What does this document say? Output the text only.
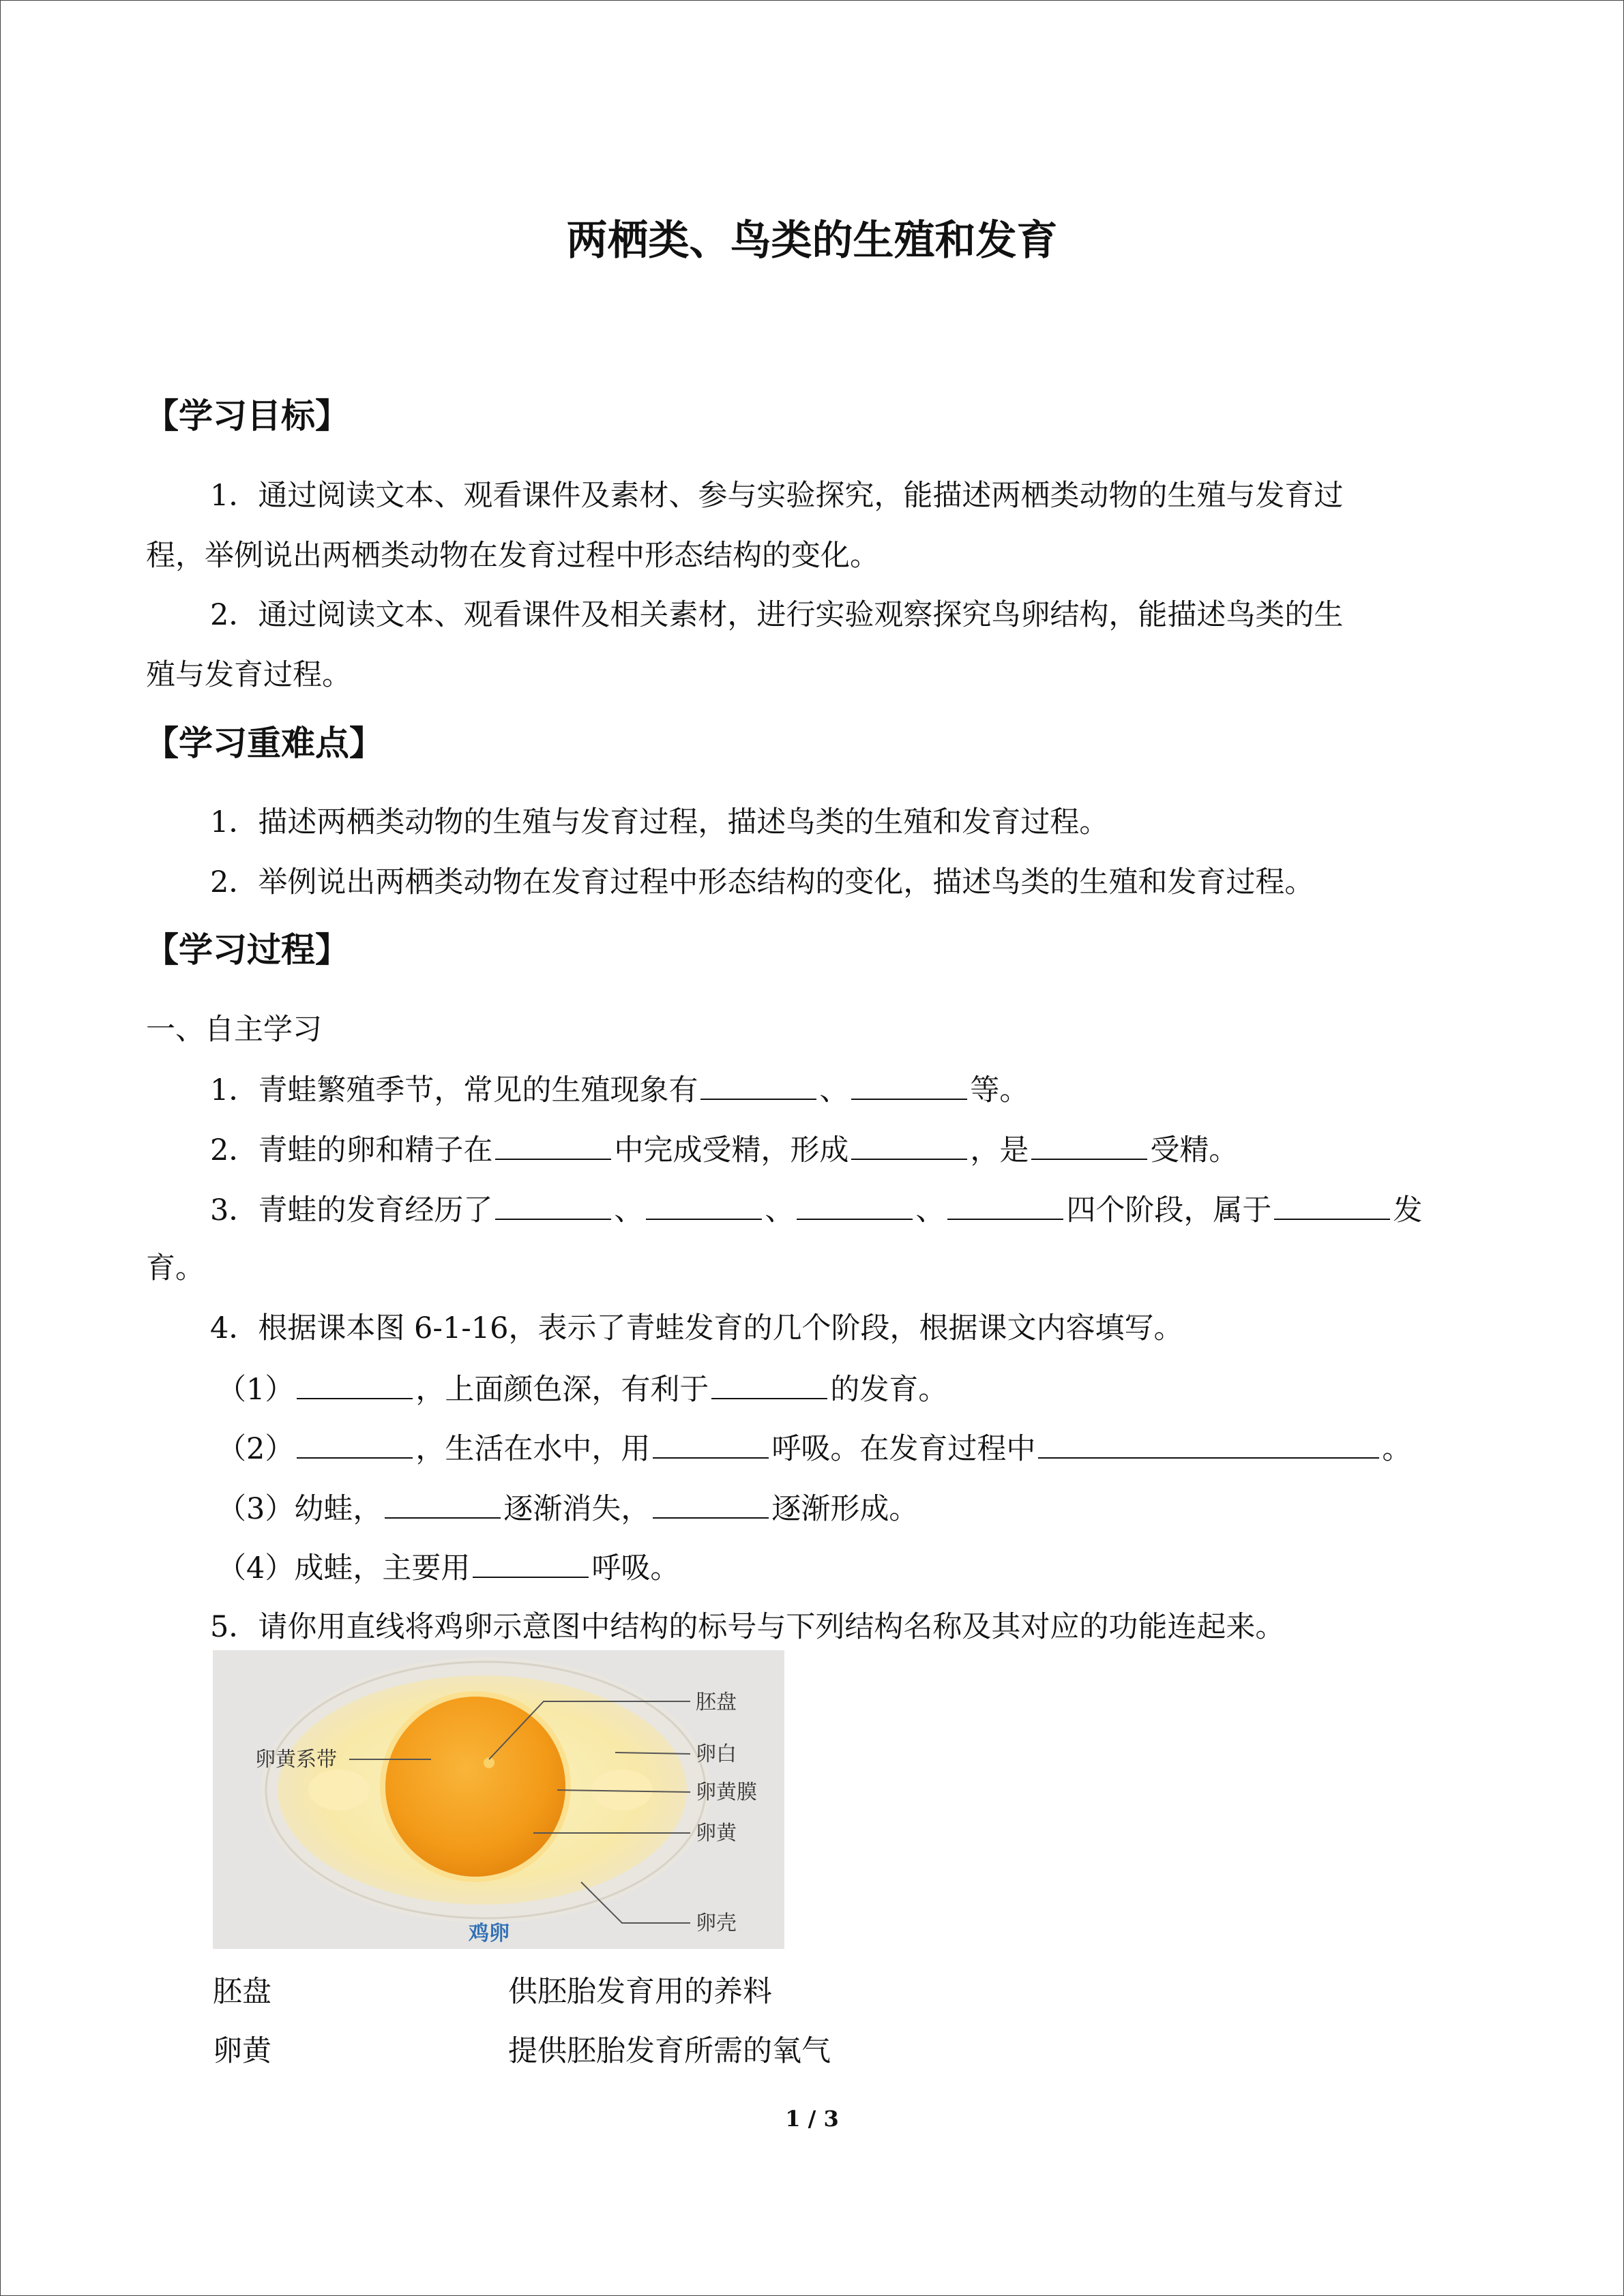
两栖类、鸟类的生殖和发育
【学习目标】
1．通过阅读文本、观看课件及素材、参与实验探究，能描述两栖类动物的生殖与发育过
程，举例说出两栖类动物在发育过程中形态结构的变化。
2．通过阅读文本、观看课件及相关素材，进行实验观察探究鸟卵结构，能描述鸟类的生
殖与发育过程。
【学习重难点】
1．描述两栖类动物的生殖与发育过程，描述鸟类的生殖和发育过程。
2．举例说出两栖类动物在发育过程中形态结构的变化，描述鸟类的生殖和发育过程。
【学习过程】
一、自主学习
1．青蛙繁殖季节，常见的生殖现象有	、	等。
2．青蛙的卵和精子在	中完成受精，形成	，是	受精。
3．青蛙的发育经历了	、	、	、	四个阶段，属于	发
育。
4．根据课本图 6-1-16，表示了青蛙发育的几个阶段，根据课文内容填写。
（1）	，上面颜色深，有利于	的发育。
（2）	，生活在水中，用	呼吸。在发育过程中	。
（3）幼蛙，	逐渐消失，	逐渐形成。
（4）成蛙，主要用	呼吸。
5．请你用直线将鸡卵示意图中结构的标号与下列结构名称及其对应的功能连起来。
胚盘
卵白
卵黄膜
卵黄
卵壳
卵黄系带
鸡卵
胚盘	供胚胎发育用的养料
卵黄	提供胚胎发育所需的氧气
1 / 3
